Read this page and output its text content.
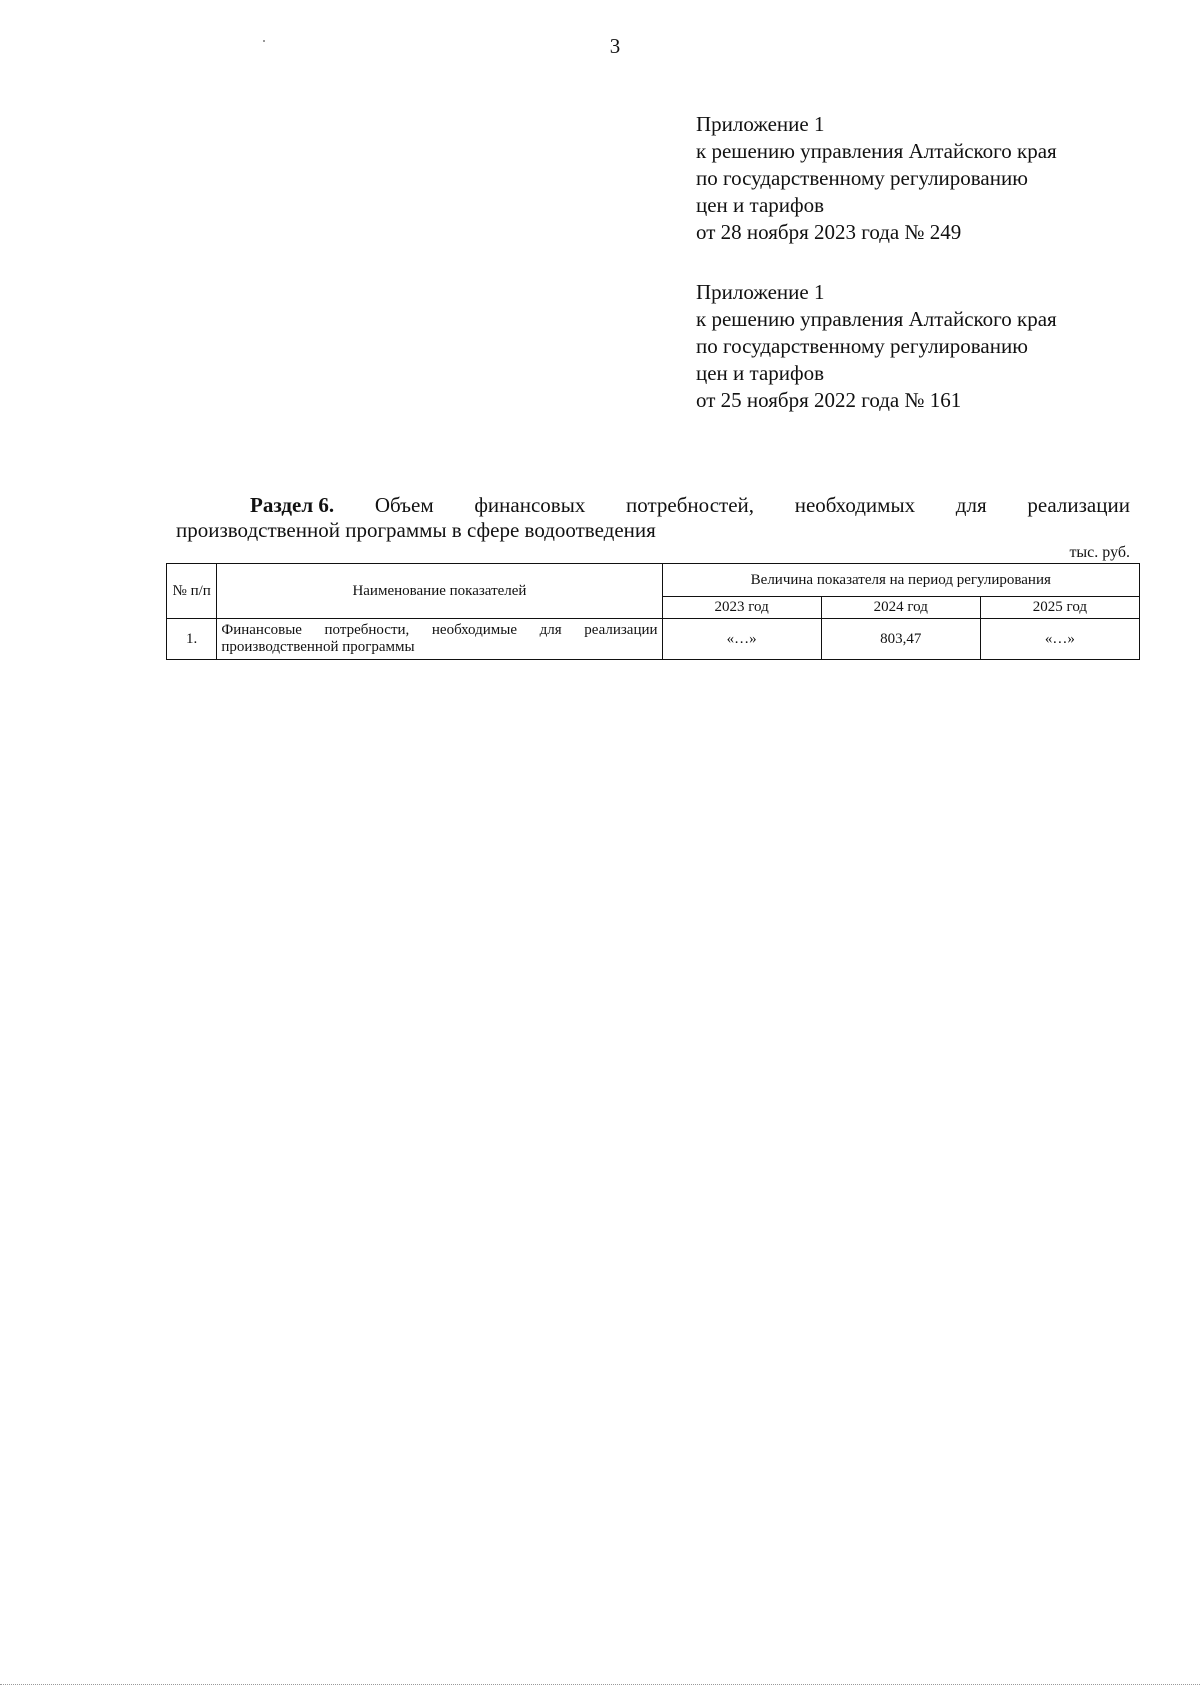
3
Приложение 1
к решению управления Алтайского края
по государственному регулированию
цен и тарифов
от 28 ноября 2023 года № 249
Приложение 1
к решению управления Алтайского края
по государственному регулированию
цен и тарифов
от 25 ноября 2022 года № 161
Раздел 6. Объем финансовых потребностей, необходимых для реализации
производственной программы в сфере водоотведения
тыс. руб.
№ п/п	Наименование показателей	Величина показателя на период регулирования		
		2023 год	2024 год	2025 год
1.	Финансовые потребности, необходимые для реализации производственной программы	«…»	803,47	«…»
